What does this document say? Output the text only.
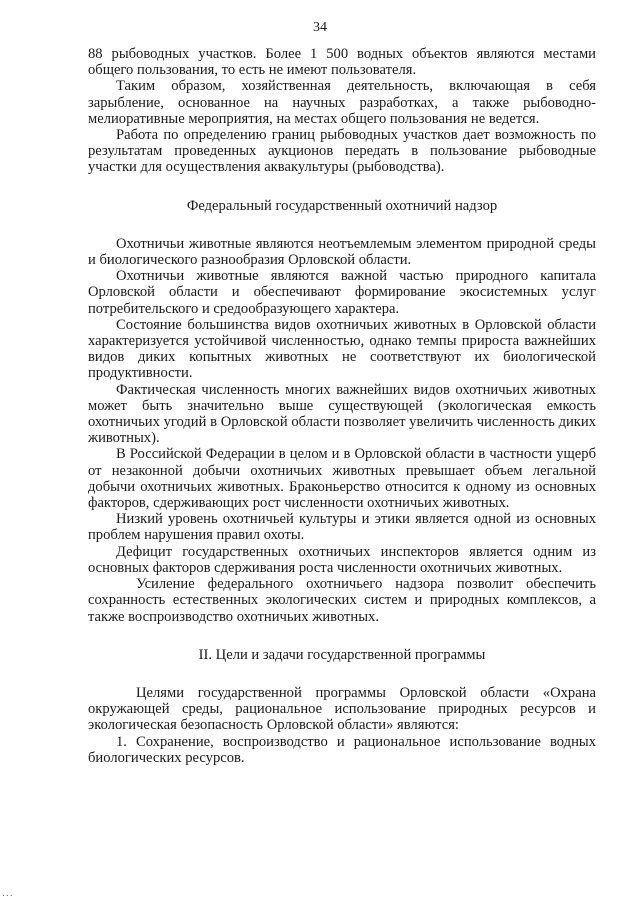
34

88 рыбоводных участков. Более 1 500 водных объектов являются местами общего пользования, то есть не имеют пользователя.

Таким образом, хозяйственная деятельность, включающая в себя зарыбление, основанное на научных разработках, а также рыбоводно-мелиоративные мероприятия, на местах общего пользования не ведется.

Работа по определению границ рыбоводных участков дает возможность по результатам проведенных аукционов передать в пользование рыбоводные участки для осуществления аквакультуры (рыбоводства).

Федеральный государственный охотничий надзор

Охотничьи животные являются неотъемлемым элементом природной среды и биологического разнообразия Орловской области.

Охотничьи животные являются важной частью природного капитала Орловской области и обеспечивают формирование экосистемных услуг потребительского и средообразующего характера.

Состояние большинства видов охотничьих животных в Орловской области характеризуется устойчивой численностью, однако темпы прироста важнейших видов диких копытных животных не соответствуют их биологической продуктивности.

Фактическая численность многих важнейших видов охотничьих животных может быть значительно выше существующей (экологическая емкость охотничьих угодий в Орловской области позволяет увеличить численность диких животных).

В Российской Федерации в целом и в Орловской области в частности ущерб от незаконной добычи охотничьих животных превышает объем легальной добычи охотничьих животных. Браконьерство относится к одному из основных факторов, сдерживающих рост численности охотничьих животных.

Низкий уровень охотничьей культуры и этики является одной из основных проблем нарушения правил охоты.

Дефицит государственных охотничьих инспекторов является одним из основных факторов сдерживания роста численности охотничьих животных.

Усиление федерального охотничьего надзора позволит обеспечить сохранность естественных экологических систем и природных комплексов, а также воспроизводство охотничьих животных.

II. Цели и задачи государственной программы

Целями государственной программы Орловской области «Охрана окружающей среды, рациональное использование природных ресурсов и экологическая безопасность Орловской области» являются:

1. Сохранение, воспроизводство и рациональное использование водных биологических ресурсов.

...
